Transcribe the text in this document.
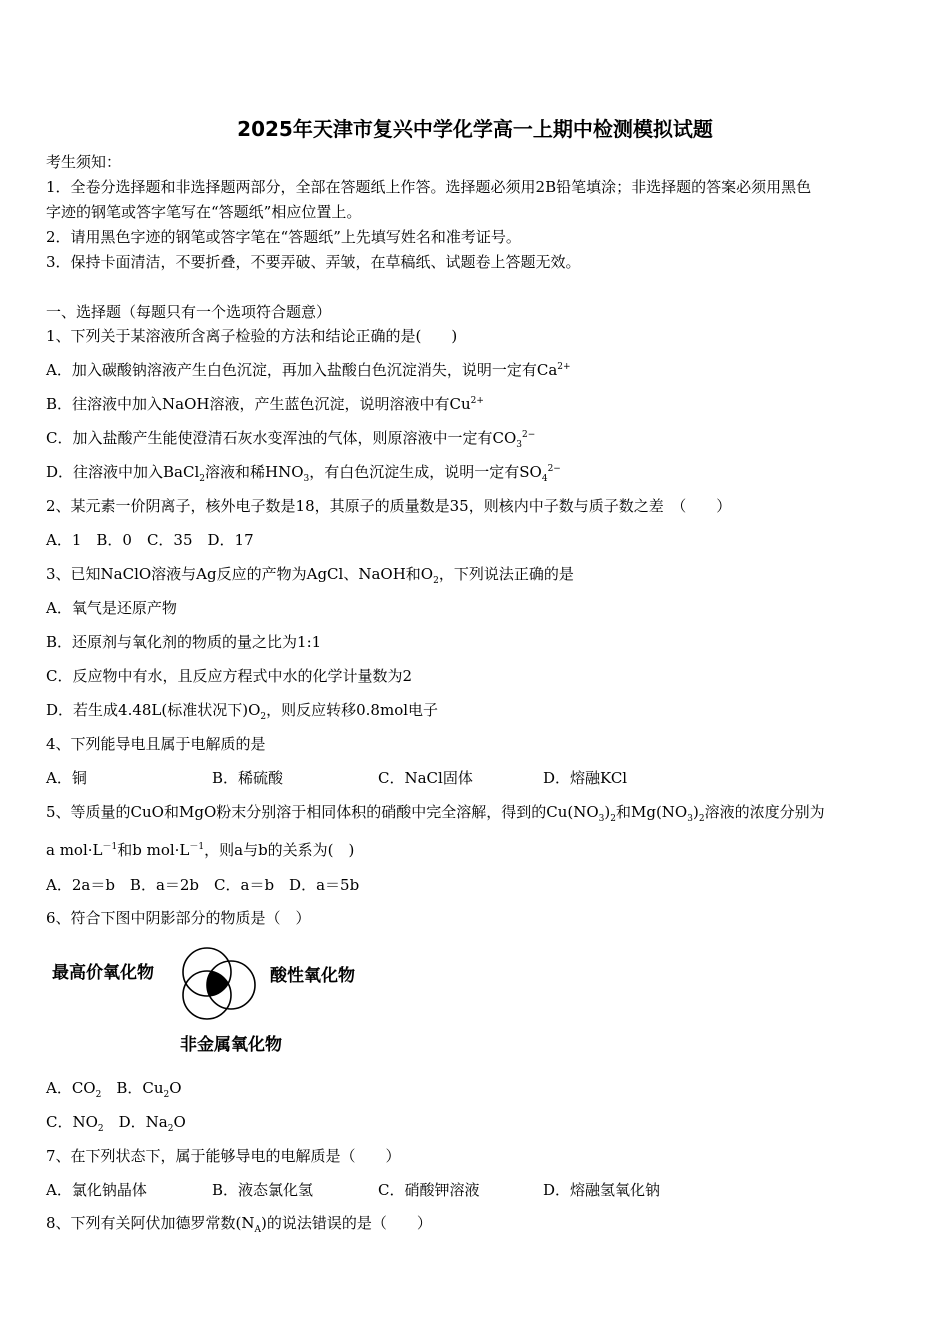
2025年天津市复兴中学化学高一上期中检测模拟试题
考生须知：
1．全卷分选择题和非选择题两部分，全部在答题纸上作答。选择题必须用2B铅笔填涂；非选择题的答案必须用黑色
字迹的钢笔或答字笔写在“答题纸”相应位置上。
2．请用黑色字迹的钢笔或答字笔在“答题纸”上先填写姓名和准考证号。
3．保持卡面清洁，不要折叠，不要弄破、弄皱，在草稿纸、试题卷上答题无效。
一、选择题（每题只有一个选项符合题意）
1、下列关于某溶液所含离子检验的方法和结论正确的是(　　)
A．加入碳酸钠溶液产生白色沉淀，再加入盐酸白色沉淀消失，说明一定有$Ca^{2+}$
B．往溶液中加入NaOH溶液，产生蓝色沉淀，说明溶液中有$Cu^{2+}$
C．加入盐酸产生能使澄清石灰水变浑浊的气体，则原溶液中一定有$CO_3^{2-}$
D．往溶液中加入BaCl$_2$溶液和稀$HNO_3$，有白色沉淀生成，说明一定有$SO_4^{2-}$
2、某元素一价阴离子，核外电子数是18，其原子的质量数是35，则核内中子数与质子数之差　（　　）
A．1　B．0　C．35　D．17
3、已知NaClO溶液与Ag反应的产物为AgCl、NaOH和$O_2$，下列说法正确的是
A．氧气是还原产物
B．还原剂与氧化剂的物质的量之比为1:1
C．反应物中有水，且反应方程式中水的化学计量数为2
D．若生成4.48L(标准状况下)$O_2$，则反应转移0.8mol电子
4、下列能导电且属于电解质的是
A．铜	B．稀硫酸	C．NaCl固体	D．熔融KCl
5、等质量的CuO和MgO粉末分别溶于相同体积的硝酸中完全溶解，得到的$Cu(NO_3)_2$和$Mg(NO_3)_2$溶液的浓度分别为
a $mol\cdot L^{-1}$和b $mol\cdot L^{-1}$，则a与b的关系为(　)
A．2a＝b　B．a＝2b　C．a＝b　D．a＝5b
6、符合下图中阴影部分的物质是（　）
最高价氧化物	酸性氧化物
非金属氧化物
A．$CO_2$　B．$Cu_2O$
C．$NO_2$　D．$Na_2O$
7、在下列状态下，属于能够导电的电解质是（　　）
A．氯化钠晶体	B．液态氯化氢	C．硝酸钾溶液	D．熔融氢氧化钠
8、下列有关阿伏加德罗常数$(N_A)$的说法错误的是（　　）
